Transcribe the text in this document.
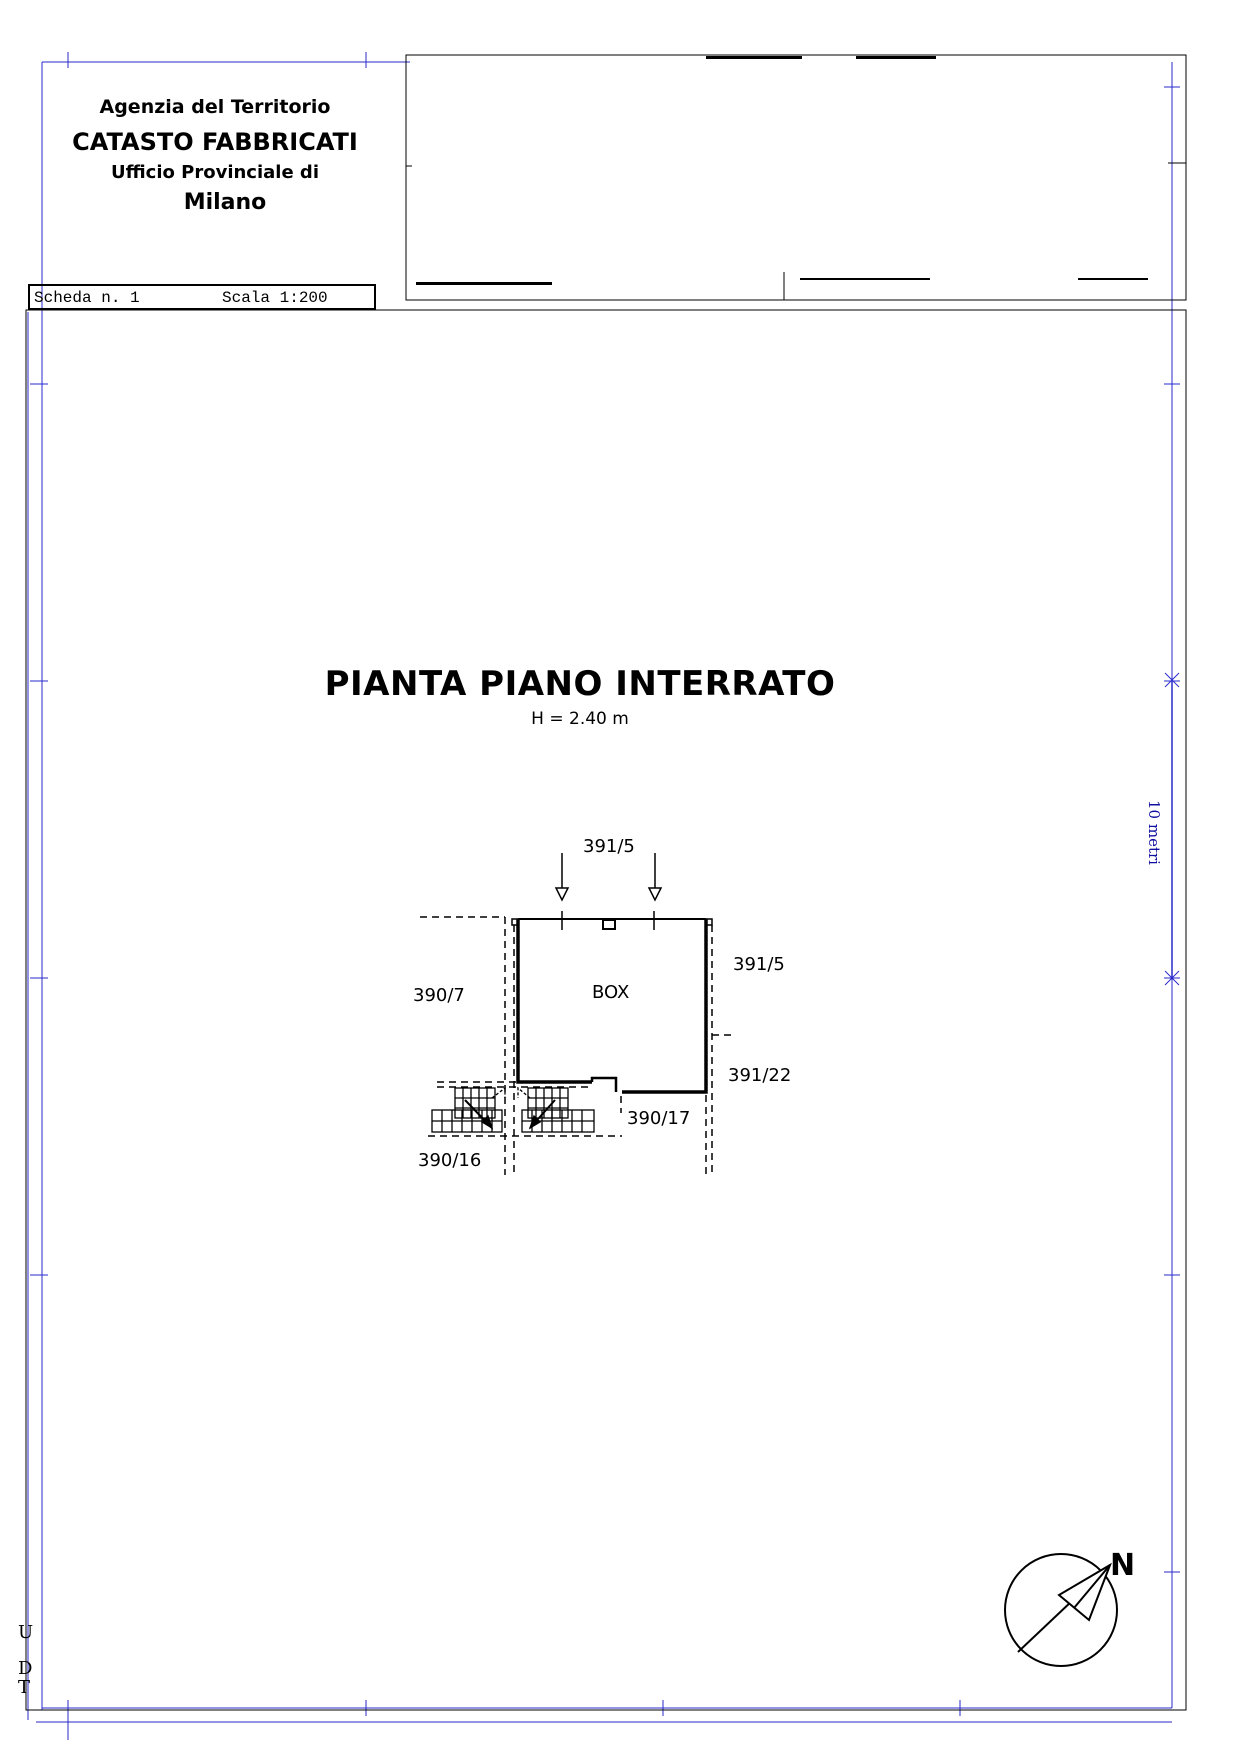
Agenzia del Territorio
CATASTO FABBRICATI
Ufficio Provinciale di
Milano
Scheda n. 1	Scala 1:200
PIANTA PIANO INTERRATO
H = 2.40 m
391/5
391/5
390/7	BOX
391/22
390/17
390/16
10 metri
N
U
D
T
